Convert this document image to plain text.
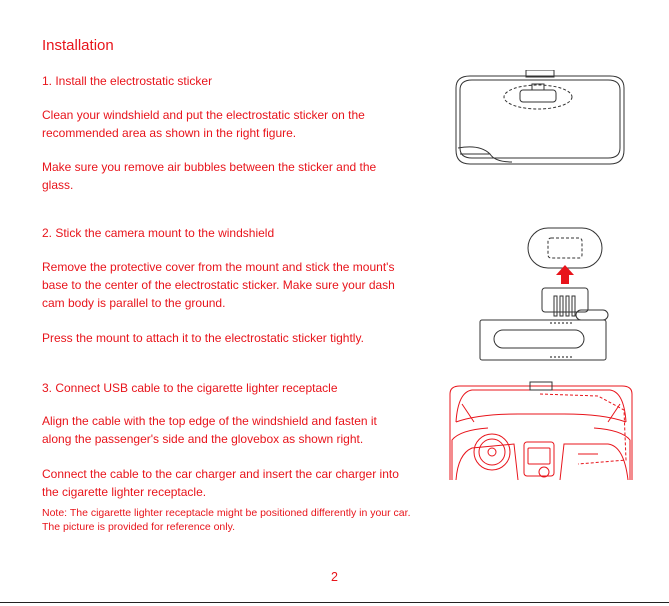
Installation

1. Install the electrostatic sticker

Clean your windshield and put the electrostatic sticker on the recommended area as shown in the right figure.

Make sure you remove air bubbles between the sticker and the glass.

2. Stick the camera mount to the windshield

Remove the protective cover from the mount and stick the mount's base to the center of the electrostatic sticker. Make sure your dash cam body is parallel to the ground.

Press the mount to attach it to the electrostatic sticker tightly.

3. Connect USB cable to the cigarette lighter receptacle

Align the cable with the top edge of the windshield and fasten it along the passenger's side and the glovebox as shown right.

Connect the cable to the car charger and insert the car charger into the cigarette lighter receptacle.

Note: The cigarette lighter receptacle might be positioned differently in your car. The picture is provided for reference only.

2
